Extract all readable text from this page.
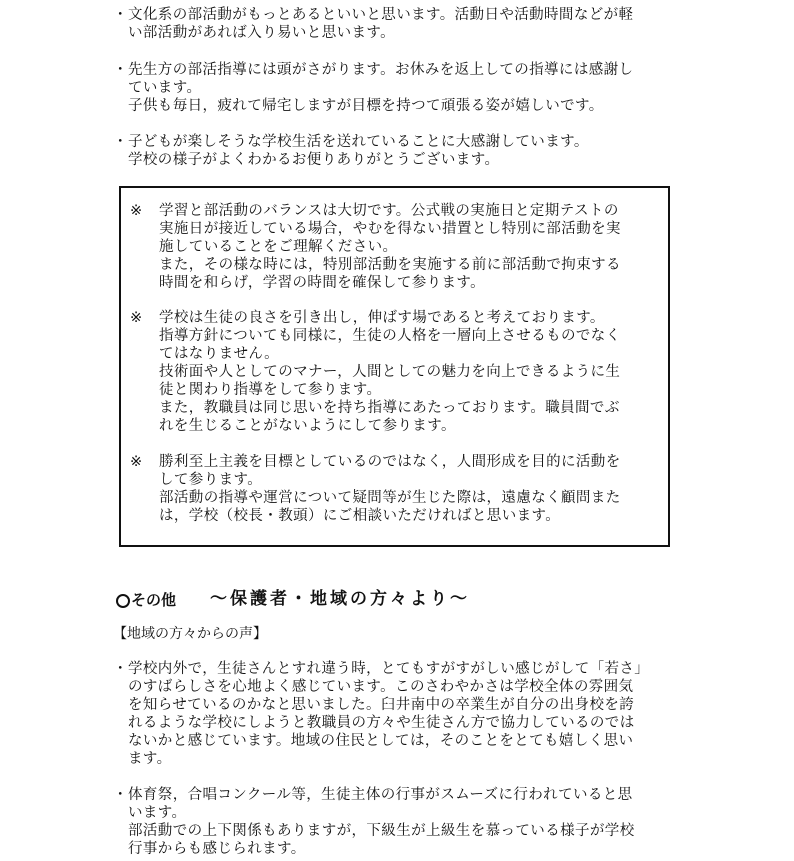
・ 文化系の部活動がもっとあるといいと思います。活動日や活動時間などが軽
い部活動があれば入り易いと思います。
・ 先生方の部活指導には頭がさがります。お休みを返上しての指導には感謝し
ています。
子供も毎日，疲れて帰宅しますが目標を持つて頑張る姿が嬉しいです。
・ 子どもが楽しそうな学校生活を送れていることに大感謝しています。
学校の様子がよくわかるお便りありがとうございます。
※ 学習と部活動のバランスは大切です。公式戦の実施日と定期テストの
実施日が接近している場合，やむを得ない措置とし特別に部活動を実
施していることをご理解ください。
また，その様な時には，特別部活動を実施する前に部活動で拘束する
時間を和らげ，学習の時間を確保して参ります。
※ 学校は生徒の良さを引き出し，伸ばす場であると考えております。
指導方針についても同様に，生徒の人格を一層向上させるものでなく
てはなりません。
技術面や人としてのマナー，人間としての魅力を向上できるように生
徒と関わり指導をして参ります。
また，教職員は同じ思いを持ち指導にあたっております。職員間でぶ
れを生じることがないようにして参ります。
※ 勝利至上主義を目標としているのではなく，人間形成を目的に活動を
して参ります。
部活動の指導や運営について疑問等が生じた際は，遠慮なく顧問また
は，学校（校長・教頭）にご相談いただければと思います。
その他 ～保護者・地域の方々より～
【地域の方々からの声】
・ 学校内外で，生徒さんとすれ違う時，とてもすがすがしい感じがして「若さ」
のすばらしさを心地よく感じています。このさわやかさは学校全体の雰囲気
を知らせているのかなと思いました。臼井南中の卒業生が自分の出身校を誇
れるような学校にしようと教職員の方々や生徒さん方で協力しているのでは
ないかと感じています。地域の住民としては，そのことをとても嬉しく思い
ます。
・ 体育祭，合唱コンクール等，生徒主体の行事がスムーズに行われていると思
います。
部活動での上下関係もありますが，下級生が上級生を慕っている様子が学校
行事からも感じられます。
